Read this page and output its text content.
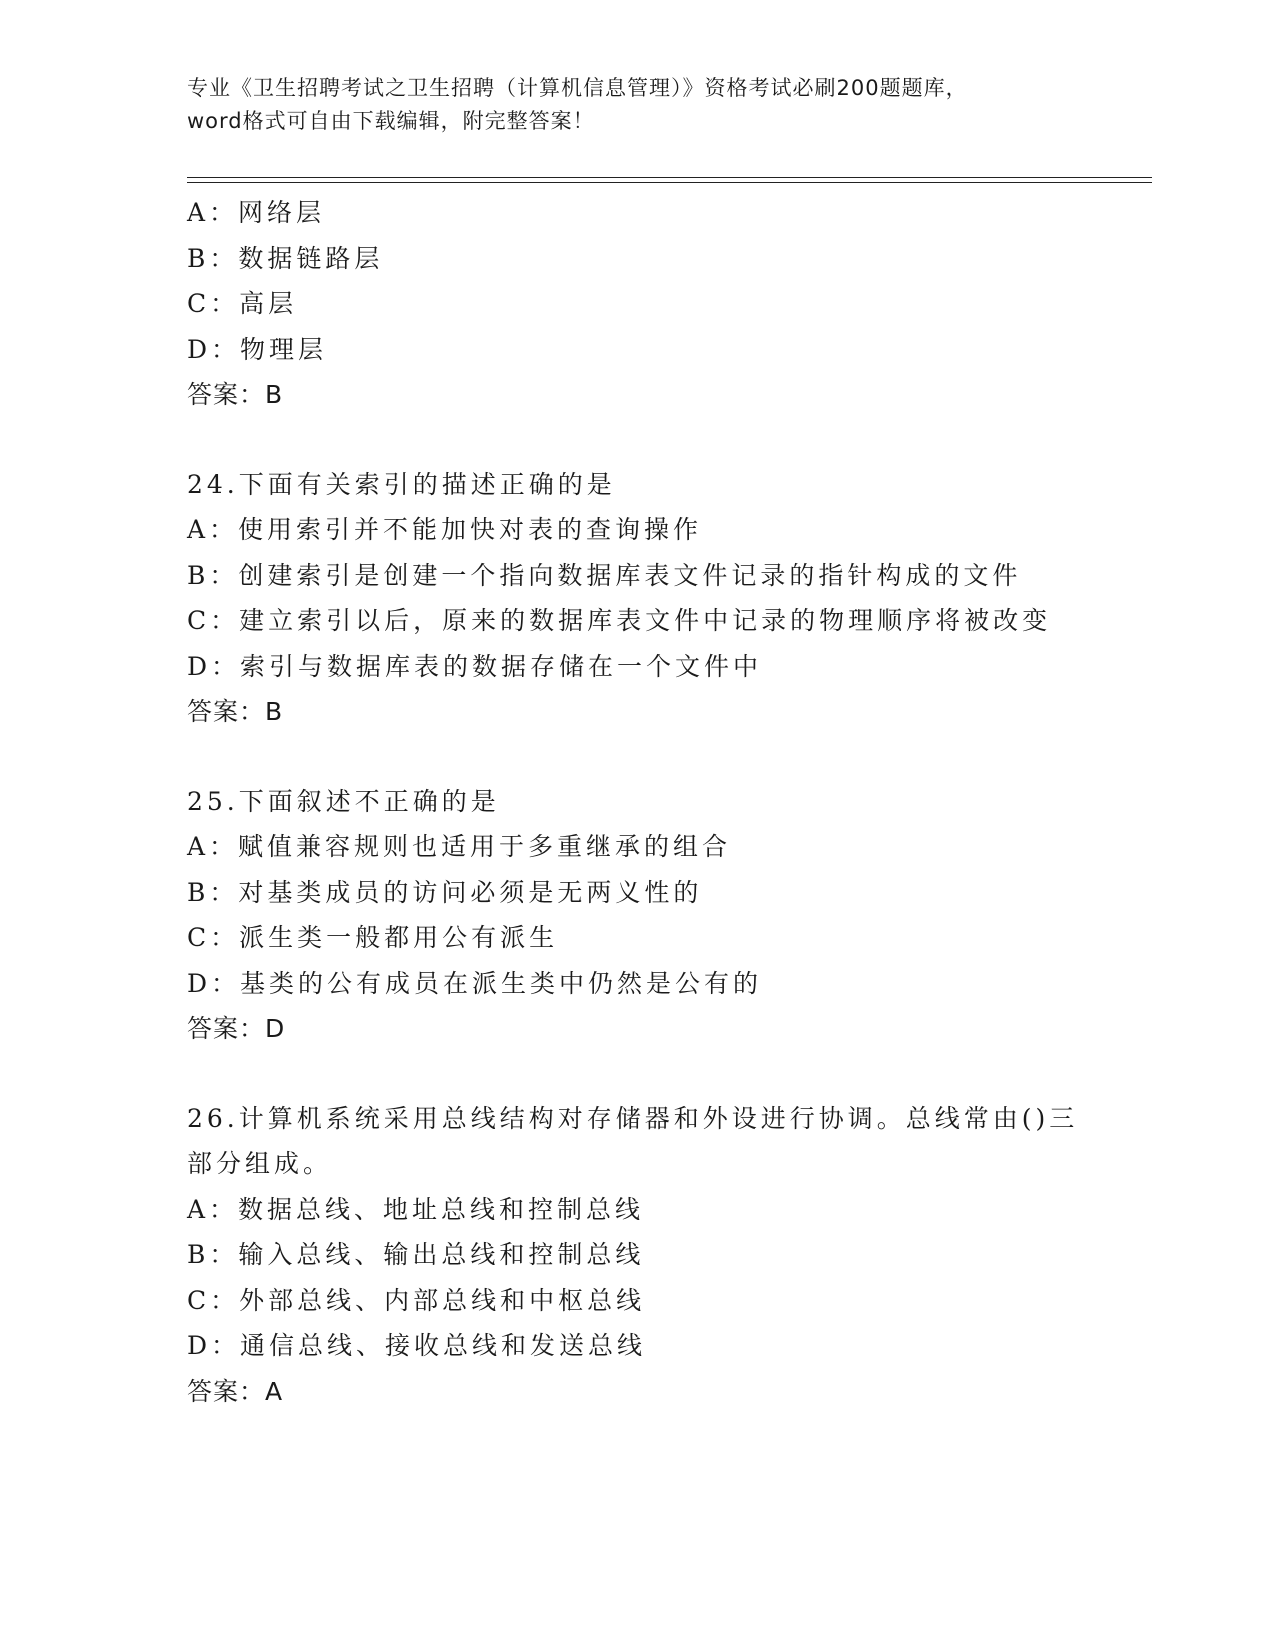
专业《卫生招聘考试之卫生招聘（计算机信息管理）》资格考试必刷200题题库，
word格式可自由下载编辑，附完整答案！
A：网络层
B：数据链路层
C：高层
D：物理层
答案：B
24.下面有关索引的描述正确的是
A：使用索引并不能加快对表的查询操作
B：创建索引是创建一个指向数据库表文件记录的指针构成的文件
C：建立索引以后，原来的数据库表文件中记录的物理顺序将被改变
D：索引与数据库表的数据存储在一个文件中
答案：B
25.下面叙述不正确的是
A：赋值兼容规则也适用于多重继承的组合
B：对基类成员的访问必须是无两义性的
C：派生类一般都用公有派生
D：基类的公有成员在派生类中仍然是公有的
答案：D
26.计算机系统采用总线结构对存储器和外设进行协调。总线常由()三
部分组成。
A：数据总线、地址总线和控制总线
B：输入总线、输出总线和控制总线
C：外部总线、内部总线和中枢总线
D：通信总线、接收总线和发送总线
答案：A
